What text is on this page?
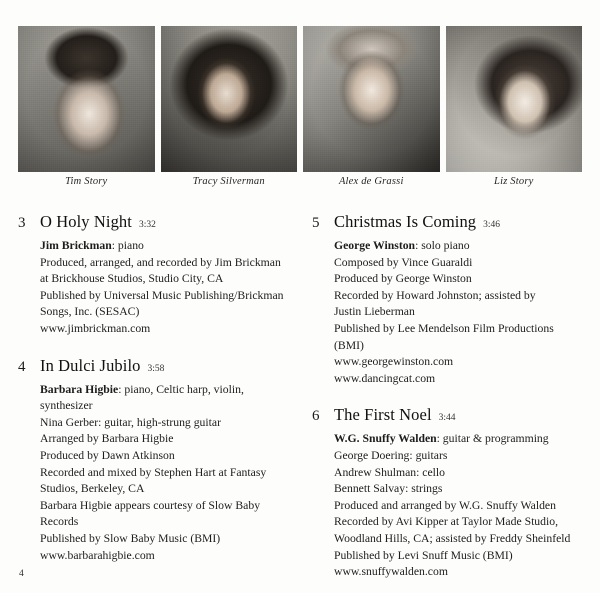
Tim Story	Tracy Silverman	Alex de Grassi	Liz Story
3 O Holy Night 3:32
Jim Brickman: piano
Produced, arranged, and recorded by Jim Brickman
at Brickhouse Studios, Studio City, CA
Published by Universal Music Publishing/Brickman
Songs, Inc. (SESAC)
www.jimbrickman.com
4 In Dulci Jubilo 3:58
Barbara Higbie: piano, Celtic harp, violin,
synthesizer
Nina Gerber: guitar, high-strung guitar
Arranged by Barbara Higbie
Produced by Dawn Atkinson
Recorded and mixed by Stephen Hart at Fantasy
Studios, Berkeley, CA
Barbara Higbie appears courtesy of Slow Baby Records
Published by Slow Baby Music (BMI)
www.barbarahigbie.com
5 Christmas Is Coming 3:46
George Winston: solo piano
Composed by Vince Guaraldi
Produced by George Winston
Recorded by Howard Johnston; assisted by
Justin Lieberman
Published by Lee Mendelson Film Productions (BMI)
www.georgewinston.com
www.dancingcat.com
6 The First Noel 3:44
W.G. Snuffy Walden: guitar & programming
George Doering: guitars
Andrew Shulman: cello
Bennett Salvay: strings
Produced and arranged by W.G. Snuffy Walden
Recorded by Avi Kipper at Taylor Made Studio,
Woodland Hills, CA; assisted by Freddy Sheinfeld
Published by Levi Snuff Music (BMI)
www.snuffywalden.com
4
